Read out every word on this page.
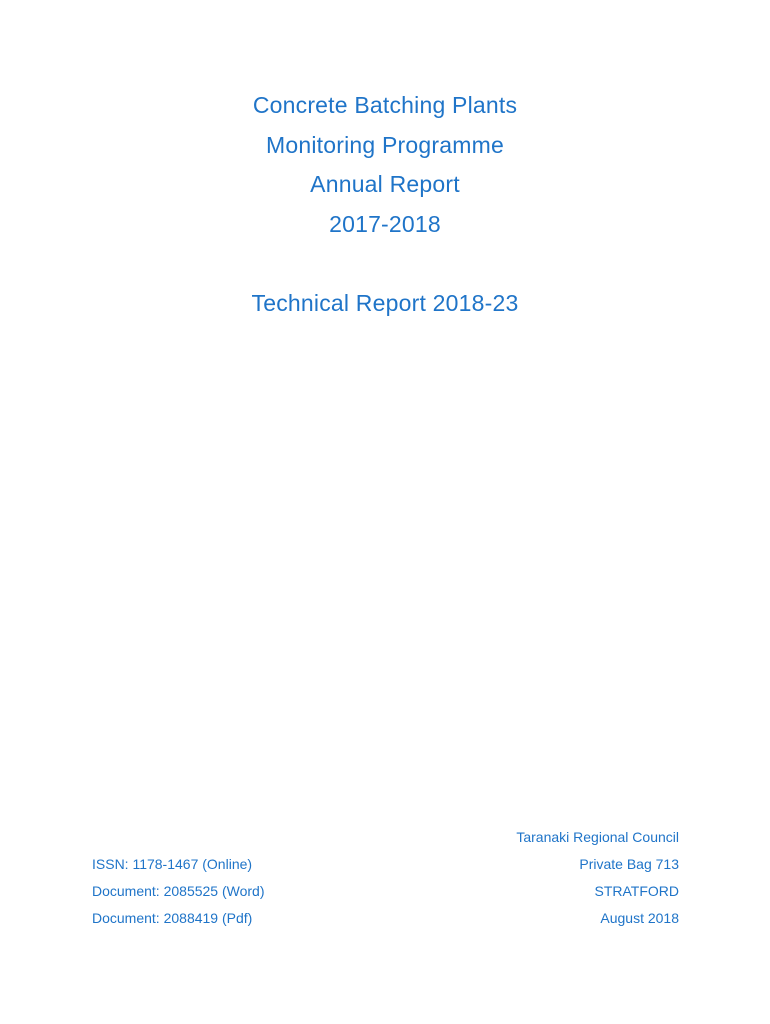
Concrete Batching Plants
Monitoring Programme
Annual Report
2017-2018
Technical Report 2018-23
ISSN: 1178-1467 (Online)
Document: 2085525 (Word)
Document: 2088419 (Pdf)
Taranaki Regional Council
Private Bag 713
STRATFORD
August 2018
